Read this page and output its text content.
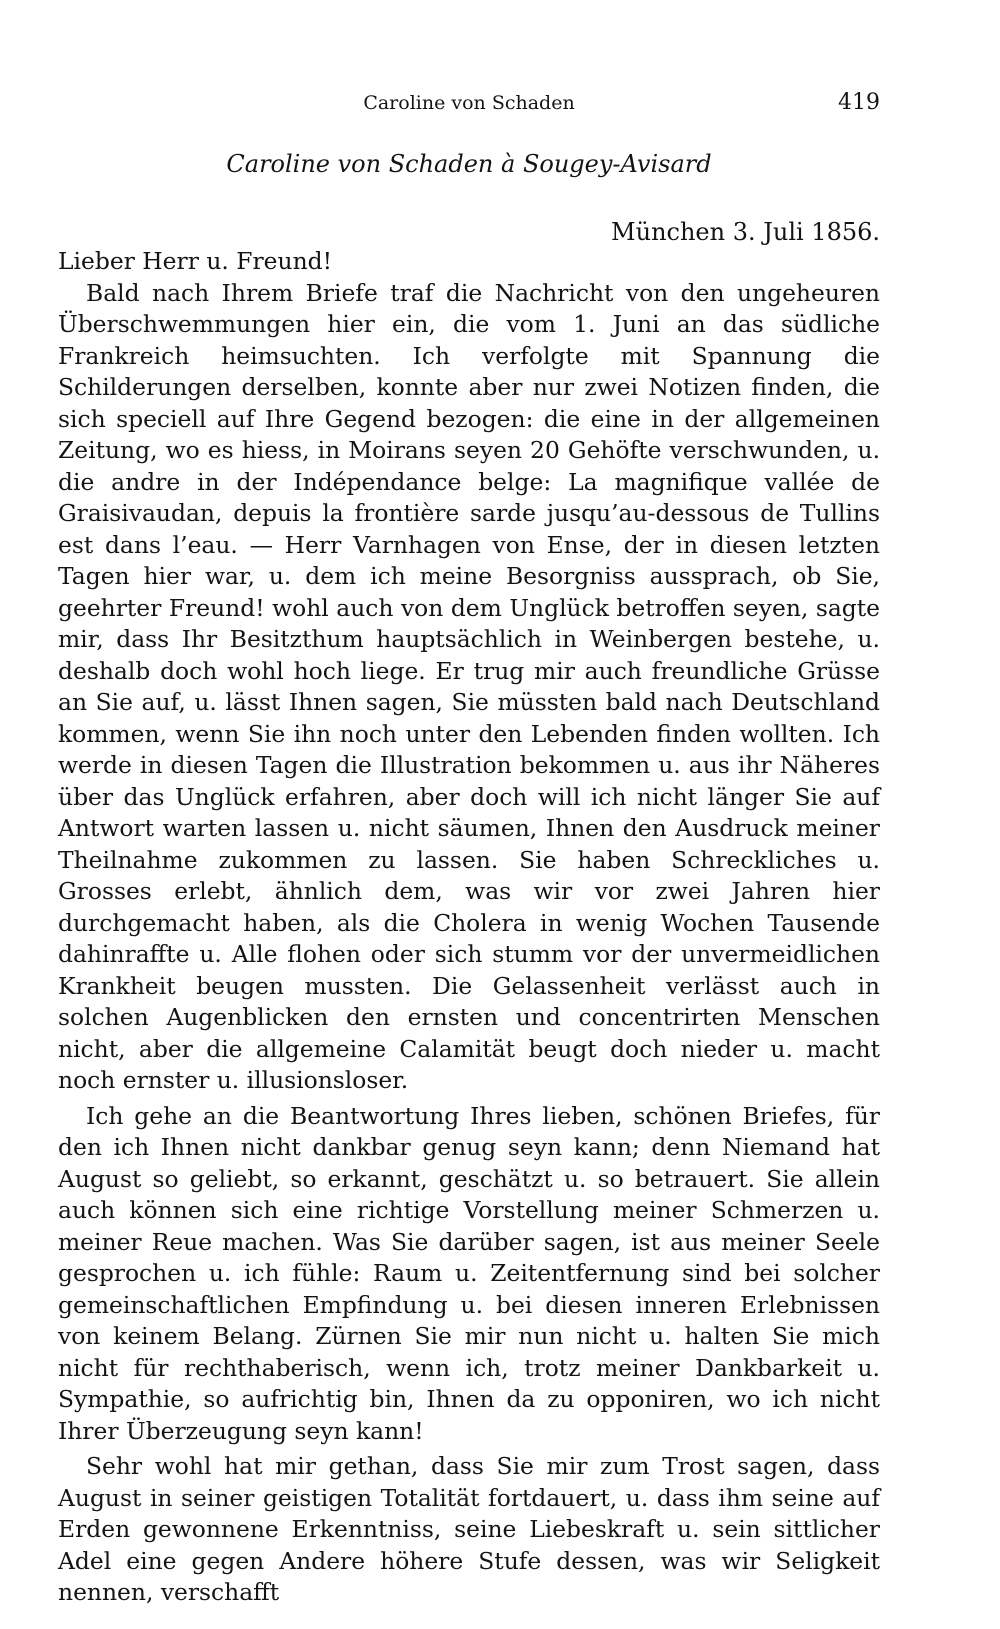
Caroline von Schaden	419
Caroline von Schaden à Sougey-Avisard
München 3. Juli 1856.
Lieber Herr u. Freund!

Bald nach Ihrem Briefe traf die Nachricht von den ungeheuren Überschwemmungen hier ein, die vom 1. Juni an das südliche Frankreich heimsuchten. Ich verfolgte mit Spannung die Schilderungen derselben, konnte aber nur zwei Notizen finden, die sich speciell auf Ihre Gegend bezogen: die eine in der allgemeinen Zeitung, wo es hiess, in Moirans seyen 20 Gehöfte verschwunden, u. die andre in der Indépendance belge: La magnifique vallée de Graisivaudan, depuis la frontière sarde jusqu’au-dessous de Tullins est dans l’eau. — Herr Varnhagen von Ense, der in diesen letzten Tagen hier war, u. dem ich meine Besorgniss aussprach, ob Sie, geehrter Freund! wohl auch von dem Unglück betroffen seyen, sagte mir, dass Ihr Besitzthum hauptsächlich in Weinbergen bestehe, u. deshalb doch wohl hoch liege. Er trug mir auch freundliche Grüsse an Sie auf, u. lässt Ihnen sagen, Sie müssten bald nach Deutschland kommen, wenn Sie ihn noch unter den Lebenden finden wollten. Ich werde in diesen Tagen die Illustration bekommen u. aus ihr Näheres über das Unglück erfahren, aber doch will ich nicht länger Sie auf Antwort warten lassen u. nicht säumen, Ihnen den Ausdruck meiner Theilnahme zukommen zu lassen. Sie haben Schreckliches u. Grosses erlebt, ähnlich dem, was wir vor zwei Jahren hier durchgemacht haben, als die Cholera in wenig Wochen Tausende dahinraffte u. Alle flohen oder sich stumm vor der unvermeidlichen Krankheit beugen mussten. Die Gelassenheit verlässt auch in solchen Augenblicken den ernsten und concentrirten Menschen nicht, aber die allgemeine Calamität beugt doch nieder u. macht noch ernster u. illusionsloser.

Ich gehe an die Beantwortung Ihres lieben, schönen Briefes, für den ich Ihnen nicht dankbar genug seyn kann; denn Niemand hat August so geliebt, so erkannt, geschätzt u. so betrauert. Sie allein auch können sich eine richtige Vorstellung meiner Schmerzen u. meiner Reue machen. Was Sie darüber sagen, ist aus meiner Seele gesprochen u. ich fühle: Raum u. Zeitentfernung sind bei solcher gemeinschaftlichen Empfindung u. bei diesen inneren Erlebnissen von keinem Belang. Zürnen Sie mir nun nicht u. halten Sie mich nicht für rechthaberisch, wenn ich, trotz meiner Dankbarkeit u. Sympathie, so aufrichtig bin, Ihnen da zu opponiren, wo ich nicht Ihrer Überzeugung seyn kann!

Sehr wohl hat mir gethan, dass Sie mir zum Trost sagen, dass August in seiner geistigen Totalität fortdauert, u. dass ihm seine auf Erden gewonnene Erkenntniss, seine Liebeskraft u. sein sittlicher Adel eine gegen Andere höhere Stufe dessen, was wir Seligkeit nennen, verschafft
